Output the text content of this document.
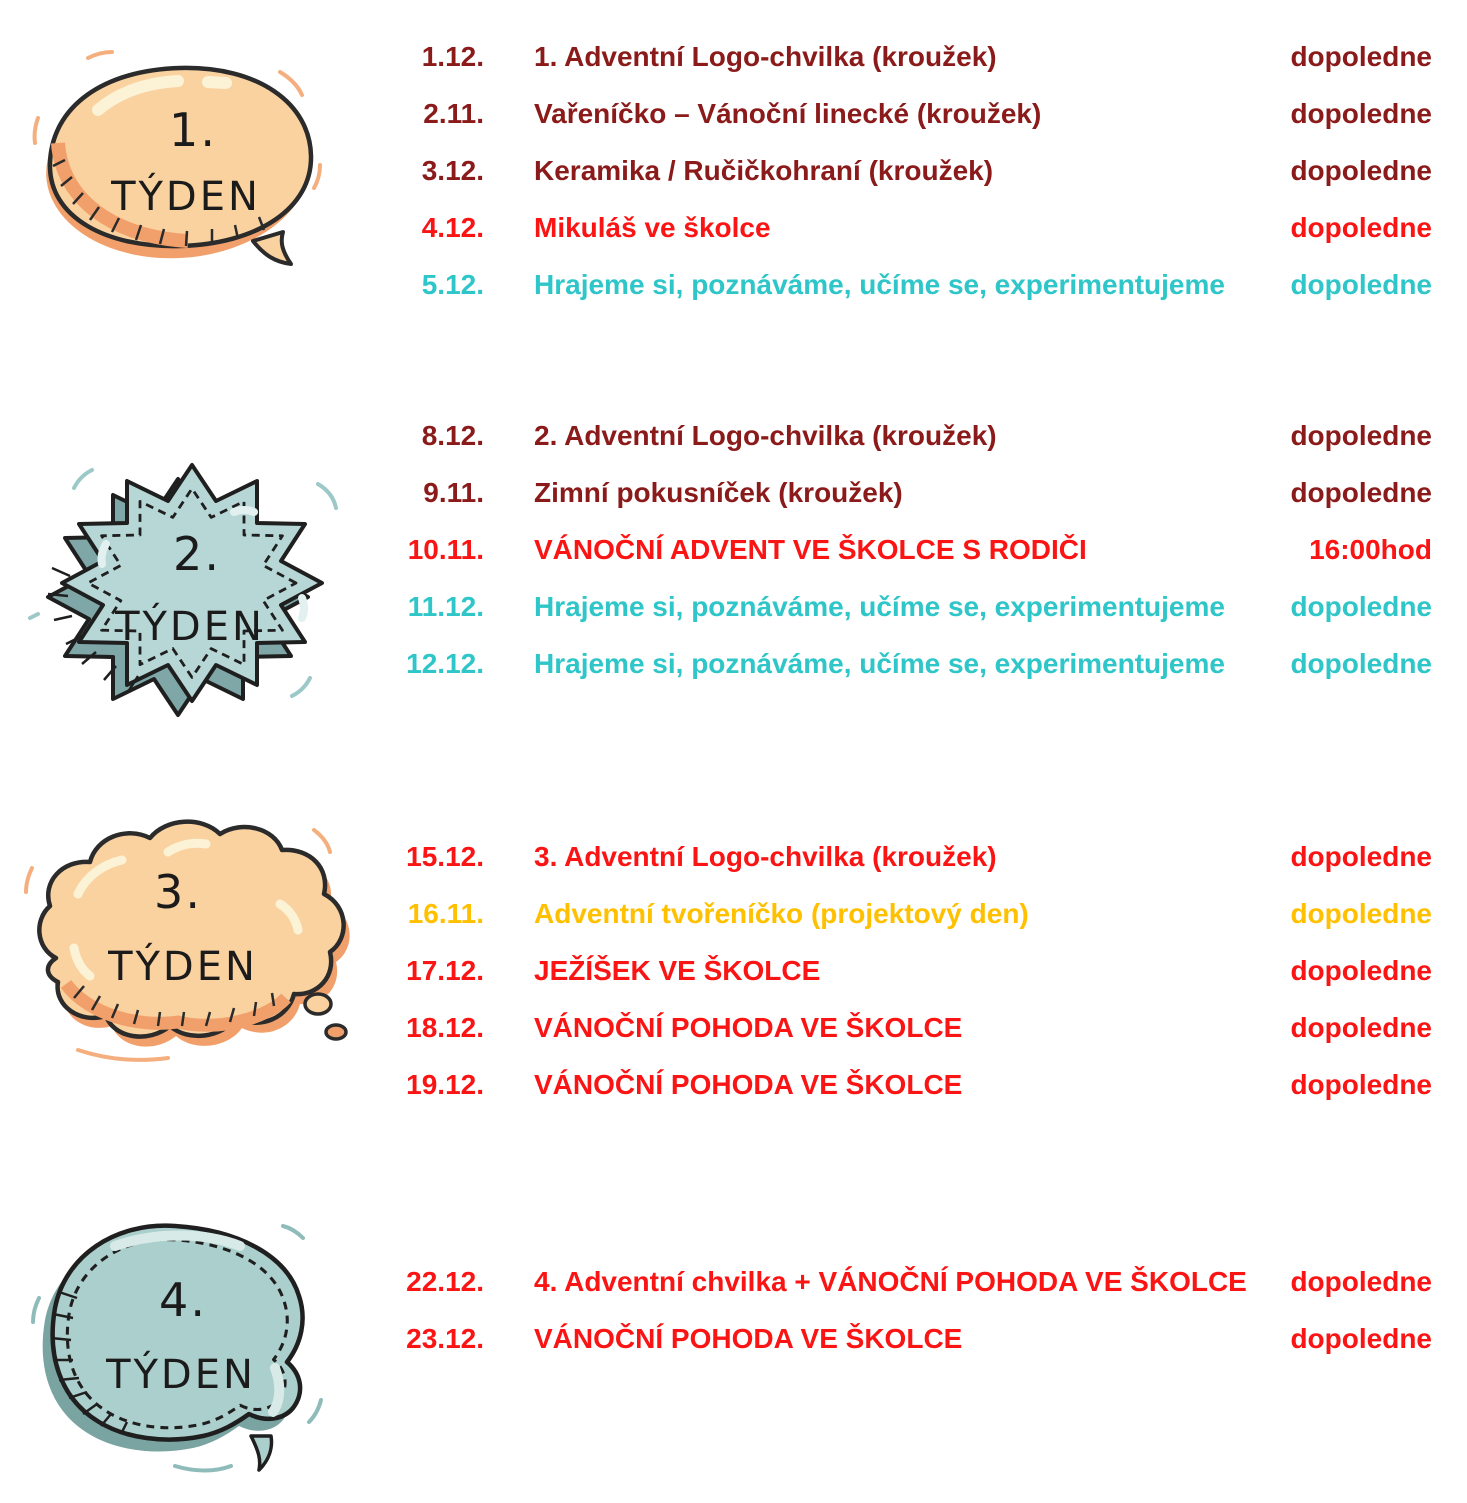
1.
TÝDEN
2.
TÝDEN
3.
TÝDEN
4.
TÝDEN
1.12. 1. Adventní Logo-chvilka (kroužek)	dopoledne
2.11. Vařeníčko – Vánoční linecké (kroužek)	dopoledne
3.12. Keramika / Ručičkohraní (kroužek)	dopoledne
4.12. Mikuláš ve školce	dopoledne
5.12. Hrajeme si, poznáváme, učíme se, experimentujeme	dopoledne
8.12. 2. Adventní Logo-chvilka (kroužek)	dopoledne
9.11. Zimní pokusníček (kroužek)	dopoledne
10.11. VÁNOČNÍ ADVENT VE ŠKOLCE S RODIČI	16:00hod
11.12. Hrajeme si, poznáváme, učíme se, experimentujeme	dopoledne
12.12. Hrajeme si, poznáváme, učíme se, experimentujeme	dopoledne
15.12. 3. Adventní Logo-chvilka (kroužek)	dopoledne
16.11. Adventní tvořeníčko (projektový den)	dopoledne
17.12. JEŽÍŠEK VE ŠKOLCE	dopoledne
18.12. VÁNOČNÍ POHODA VE ŠKOLCE	dopoledne
19.12. VÁNOČNÍ POHODA VE ŠKOLCE	dopoledne
22.12. 4. Adventní chvilka + VÁNOČNÍ POHODA VE ŠKOLCE	dopoledne
23.12. VÁNOČNÍ POHODA VE ŠKOLCE	dopoledne
